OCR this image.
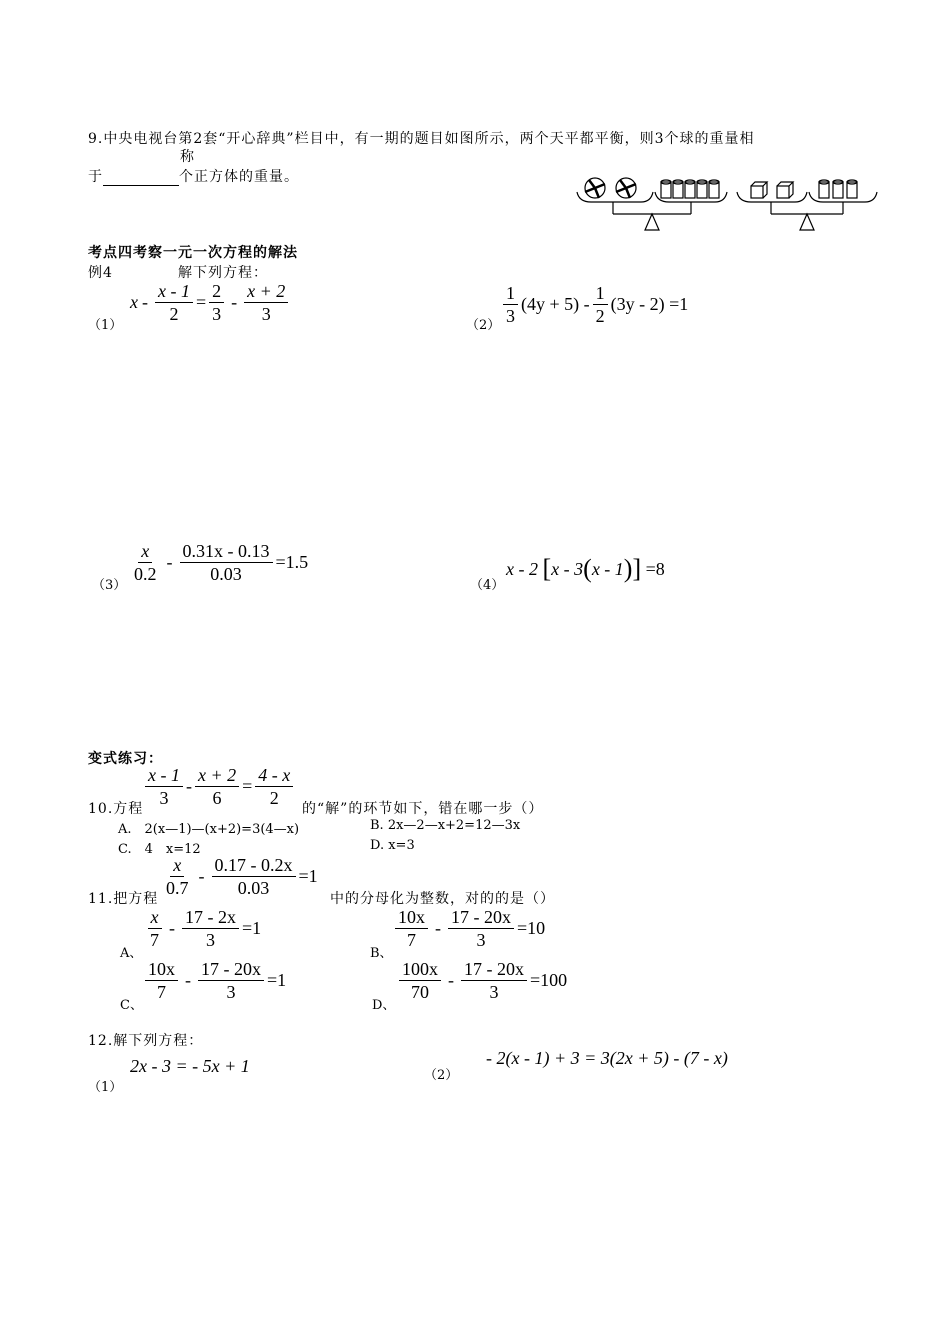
9.中央电视台第2套“开心辞典”栏目中，有一期的题目如图所示，两个天平都平衡，则3个球的重量相
称
于	个正方体的重量。
考点四考察一元一次方程的解法
例4	解下列方程：
（1）
$x - \frac{x - 1}{2} = \frac{2}{3} - \frac{x + 2}{3}$
$(2) \frac{1}{3} (4y + 5) - \frac{1}{2} (3y - 2) =1$
（3）
$\frac{x}{0.2} - \frac{0.31x - 0.13}{0.03} =1.5$
（4）
x - 2
[ x - 3 ( x - 1 ) ]
=8
变式练习：
10.方程 $\frac{x - 1}{3} - \frac{x + 2}{6} = \frac{4 - x}{2}$ 的“解”的环节如下，错在哪一步（）
A.　2(x—1)—(x+2)=3(4—x)	B. 2x—2—x+2=12—3x
C.　4　x=12	D. x=3
11.把方程 $\frac{x}{0.7} - \frac{0.17 - 0.2x}{0.03} =1$
中的分母化为整数，对的的是（）
A、
$\frac{x}{7} - \frac{17 - 2x}{3} =1$
B、
$\frac{10x}{7} - \frac{17 - 20x}{3} =10$
C、
$\frac{10x}{7} - \frac{17 - 20x}{3} =1$
D、
$\frac{100x}{70} - \frac{17 - 20x}{3} =100$
12.解下列方程：
（1）
2x - 3 = - 5x + 1	（2）
- 2(x - 1) + 3 = 3(2x + 5) - (7 - x)
